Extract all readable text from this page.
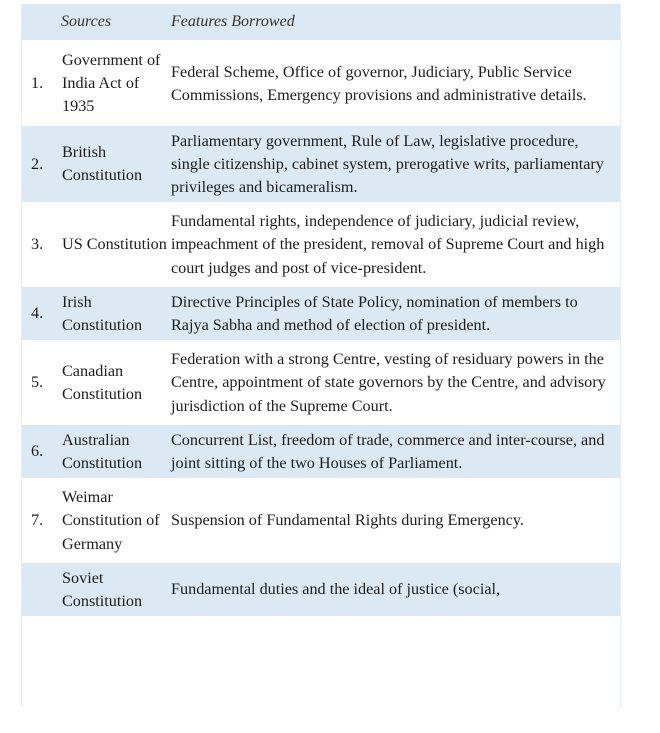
	Sources	Features Borrowed
1.	Government of India Act of 1935	Federal Scheme, Office of governor, Judiciary, Public Service Commissions, Emergency provisions and administrative details.
2.	British Constitution	Parliamentary government, Rule of Law, legislative procedure, single citizenship, cabinet system, prerogative writs, parliamentary privileges and bicameralism.
3.	US Constitution	Fundamental rights, independence of judiciary, judicial review, impeachment of the president, removal of Supreme Court and high court judges and post of vice-president.
4.	Irish Constitution	Directive Principles of State Policy, nomination of members to Rajya Sabha and method of election of president.
5.	Canadian Constitution	Federation with a strong Centre, vesting of residuary powers in the Centre, appointment of state governors by the Centre, and advisory jurisdiction of the Supreme Court.
6.	Australian Constitution	Concurrent List, freedom of trade, commerce and inter-course, and joint sitting of the two Houses of Parliament.
7.	Weimar Constitution of Germany	Suspension of Fundamental Rights during Emergency.
	Soviet Constitution	Fundamental duties and the ideal of justice (social,
